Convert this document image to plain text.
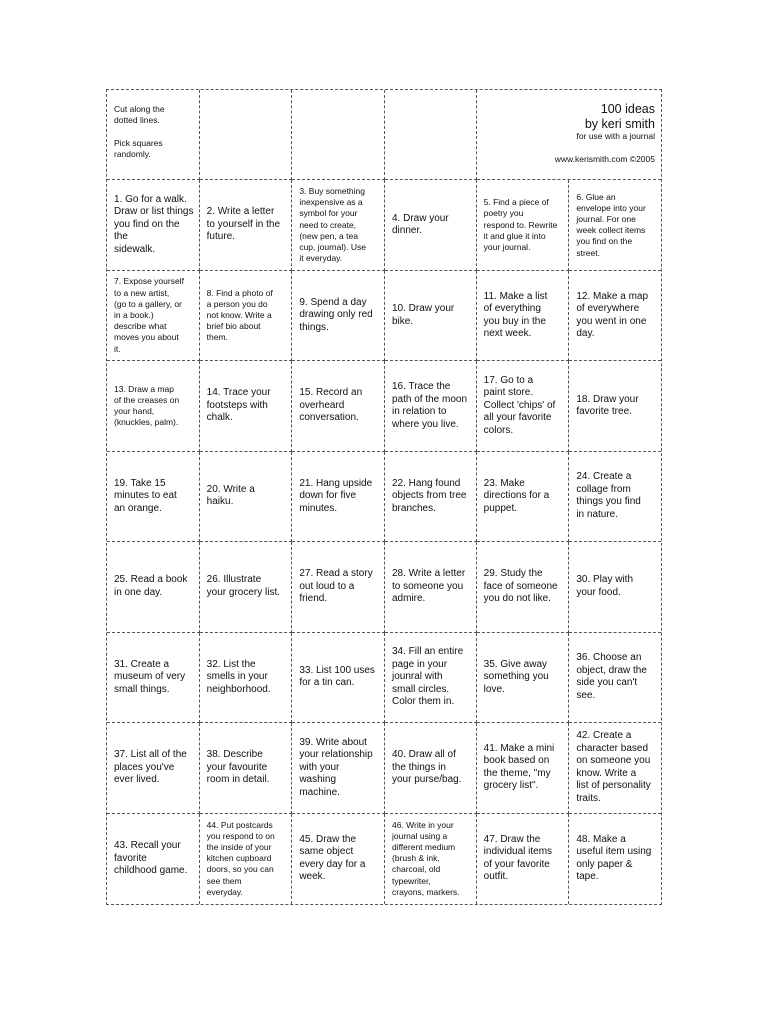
Cut along the
dotted lines.
Pick squares
randomly.
100 ideas
by keri smith
for use with a journal
www.kerismith.com ©2005
1. Go for a walk.
Draw or list things
you find on the the
sidewalk.
2. Write a letter
to yourself in the
future.
3. Buy something
inexpensive as a
symbol for your
need to create,
(new pen, a tea
cup, journal). Use
it everyday.
4. Draw your
dinner.
5. Find a piece of
poetry you
respond to. Rewrite
it and glue it into
your journal.
6. Glue an
envelope into your
journal. For one
week collect items
you find on the
street.
7. Expose yourself
to a new artist,
(go to a gallery, or
in a book.)
describe what
moves you about
it.
8. Find a photo of
a person you do
not know. Write a
brief bio about
them.
9. Spend a day
drawing only red
things.
10. Draw your
bike.
11. Make a list
of everything
you buy in the
next week.
12. Make a map
of everywhere
you went in one
day.
13. Draw a map
of the creases on
your hand,
(knuckles, palm).
14. Trace your
footsteps with
chalk.
15. Record an
overheard
conversation.
16. Trace the
path of the moon
in relation to
where you live.
17. Go to a
paint store.
Collect 'chips' of
all your favorite
colors.
18. Draw your
favorite tree.
19. Take 15
minutes to eat
an orange.
20. Write a
haiku.
21. Hang upside
down for five
minutes.
22. Hang found
objects from tree
branches.
23. Make
directions for a
puppet.
24. Create a
collage from
things you find
in nature.
25. Read a book
in one day.
26. Illustrate
your grocery list.
27. Read a story
out loud to a
friend.
28. Write a letter
to someone you
admire.
29. Study the
face of someone
you do not like.
30. Play with
your food.
31. Create a
museum of very
small things.
32. List the
smells in your
neighborhood.
33. List 100 uses
for a tin can.
34. Fill an entire
page in your
jounral with
small circles.
Color them in.
35. Give away
something you
love.
36. Choose an
object, draw the
side you can't
see.
37. List all of the
places you've
ever lived.
38. Describe
your favourite
room in detail.
39. Write about
your relationship
with your
washing
machine.
40. Draw all of
the things in
your purse/bag.
41. Make a mini
book based on
the theme, "my
grocery list".
42. Create a
character based
on someone you
know. Write a
list of personality
traits.
43. Recall your
favorite
childhood game.
44. Put postcards
you respond to on
the inside of your
kitchen cupboard
doors, so you can
see them
everyday.
45. Draw the
same object
every day for a
week.
46. Write in your
journal using a
different medium
(brush & ink,
charcoal, old
typewriter,
crayons, markers.
47. Draw the
individual items
of your favorite
outfit.
48. Make a
useful item using
only paper &
tape.
